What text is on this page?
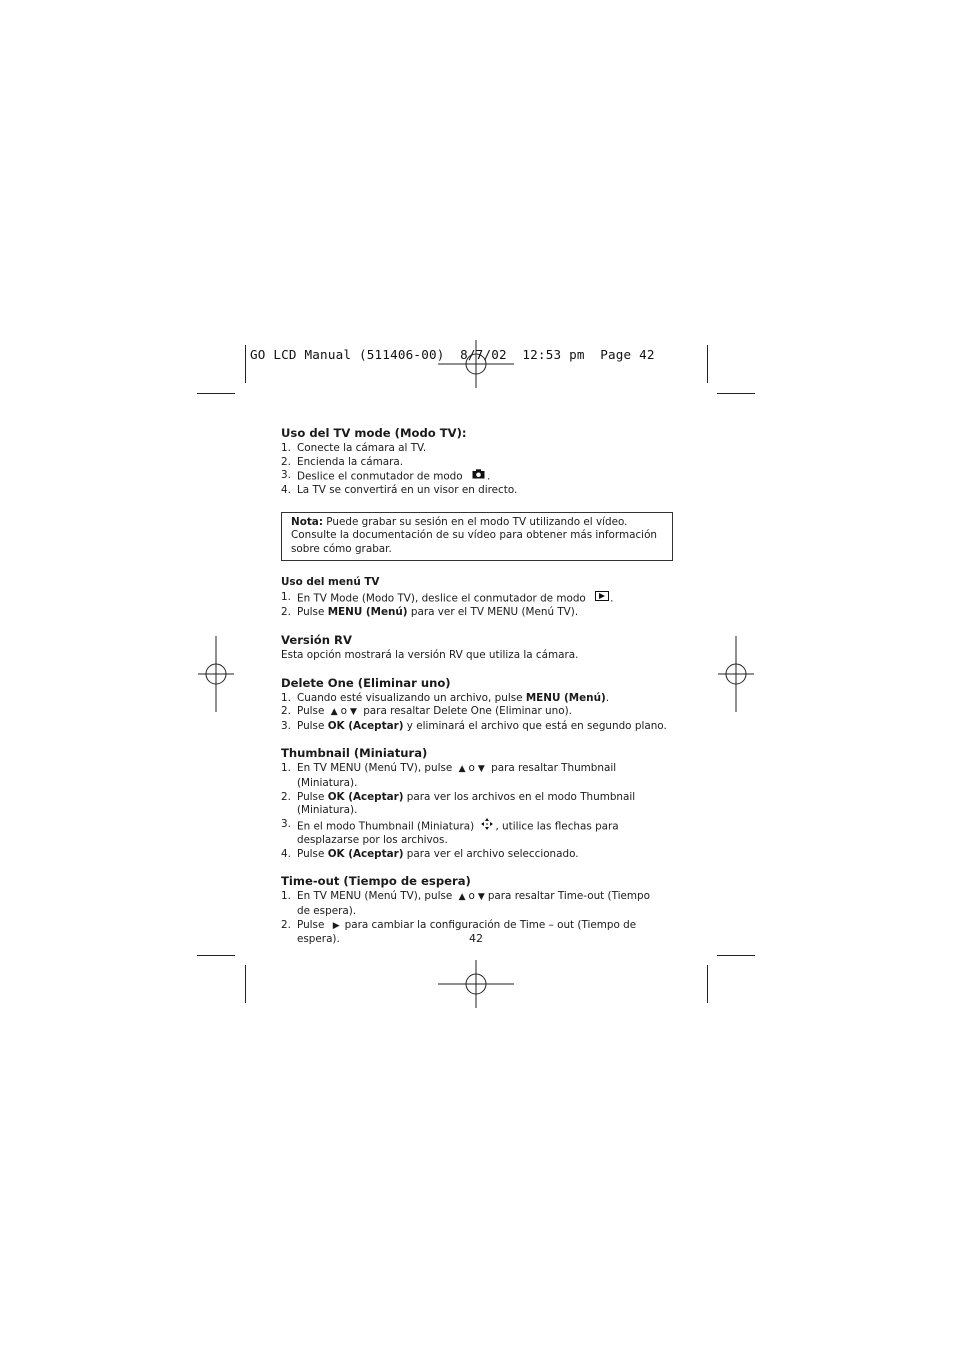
GO LCD Manual (511406-00)  8/7/02  12:53 pm  Page 42
Uso del TV mode (Modo TV):
1. Conecte la cámara al TV.
2. Encienda la cámara.
3. Deslice el conmutador de modo .
4. La TV se convertirá en un visor en directo.
Nota: Puede grabar su sesión en el modo TV utilizando el vídeo. Consulte la documentación de su vídeo para obtener más información sobre cómo grabar.
Uso del menú TV
1. En TV Mode (Modo TV), deslice el conmutador de modo .
2. Pulse MENU (Menú) para ver el TV MENU (Menú TV).
Versión RV

Esta opción mostrará la versión RV que utiliza la cámara.

Delete One (Eliminar uno)
1. Cuando esté visualizando un archivo, pulse MENU (Menú).
2. Pulse ▲ o ▼ para resaltar Delete One (Eliminar uno).
3. Pulse OK (Aceptar) y eliminará el archivo que está en segundo plano.
Thumbnail (Miniatura)
1. En TV MENU (Menú TV), pulse ▲ o ▼ para resaltar Thumbnail
(Miniatura).
2. Pulse OK (Aceptar) para ver los archivos en el modo Thumbnail
(Miniatura).
3. En el modo Thumbnail (Miniatura) , utilice las flechas para
desplazarse por los archivos.
4. Pulse OK (Aceptar) para ver el archivo seleccionado.
Time-out (Tiempo de espera)
1. En TV MENU (Menú TV), pulse ▲ o ▼ para resaltar Time-out (Tiempo
de espera).
2. Pulse ▶ para cambiar la configuración de Time – out (Tiempo de
espera).	42
